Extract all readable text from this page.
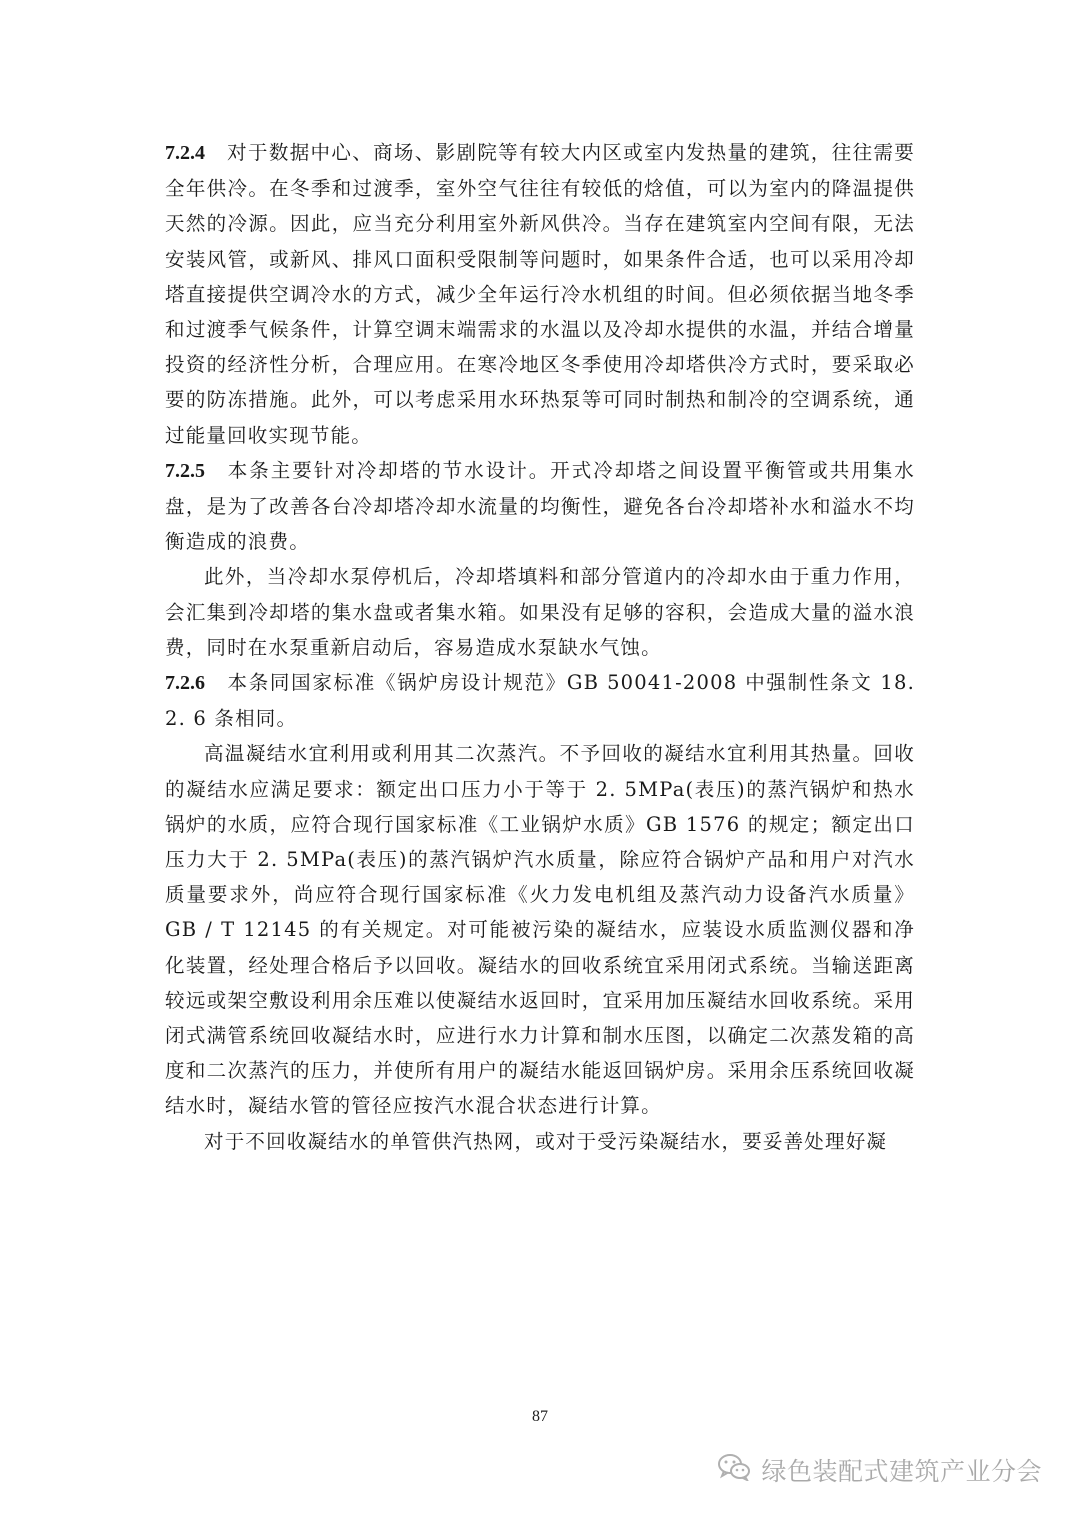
7.2.4 对于数据中心、商场、影剧院等有较大内区或室内发热量的建筑，往往需要全年供冷。在冬季和过渡季，室外空气往往有较低的焓值，可以为室内的降温提供天然的冷源。因此，应当充分利用室外新风供冷。当存在建筑室内空间有限，无法安装风管，或新风、排风口面积受限制等问题时，如果条件合适，也可以采用冷却塔直接提供空调冷水的方式，减少全年运行冷水机组的时间。但必须依据当地冬季和过渡季气候条件，计算空调末端需求的水温以及冷却水提供的水温，并结合增量投资的经济性分析，合理应用。在寒冷地区冬季使用冷却塔供冷方式时，要采取必要的防冻措施。此外，可以考虑采用水环热泵等可同时制热和制冷的空调系统，通过能量回收实现节能。

7.2.5 本条主要针对冷却塔的节水设计。开式冷却塔之间设置平衡管或共用集水盘，是为了改善各台冷却塔冷却水流量的均衡性，避免各台冷却塔补水和溢水不均衡造成的浪费。

此外，当冷却水泵停机后，冷却塔填料和部分管道内的冷却水由于重力作用，会汇集到冷却塔的集水盘或者集水箱。如果没有足够的容积，会造成大量的溢水浪费，同时在水泵重新启动后，容易造成水泵缺水气蚀。

7.2.6 本条同国家标准《锅炉房设计规范》GB 50041-2008 中强制性条文 18. 2. 6 条相同。

高温凝结水宜利用或利用其二次蒸汽。不予回收的凝结水宜利用其热量。回收的凝结水应满足要求：额定出口压力小于等于 2. 5MPa(表压)的蒸汽锅炉和热水锅炉的水质，应符合现行国家标准《工业锅炉水质》GB 1576 的规定；额定出口压力大于 2. 5MPa(表压)的蒸汽锅炉汽水质量，除应符合锅炉产品和用户对汽水质量要求外，尚应符合现行国家标准《火力发电机组及蒸汽动力设备汽水质量》GB / T 12145 的有关规定。对可能被污染的凝结水，应装设水质监测仪器和净化装置，经处理合格后予以回收。凝结水的回收系统宜采用闭式系统。当输送距离较远或架空敷设利用余压难以使凝结水返回时，宜采用加压凝结水回收系统。采用闭式满管系统回收凝结水时，应进行水力计算和制水压图，以确定二次蒸发箱的高度和二次蒸汽的压力，并使所有用户的凝结水能返回锅炉房。采用余压系统回收凝结水时，凝结水管的管径应按汽水混合状态进行计算。

对于不回收凝结水的单管供汽热网，或对于受污染凝结水，要妥善处理好凝

87
绿色装配式建筑产业分会
